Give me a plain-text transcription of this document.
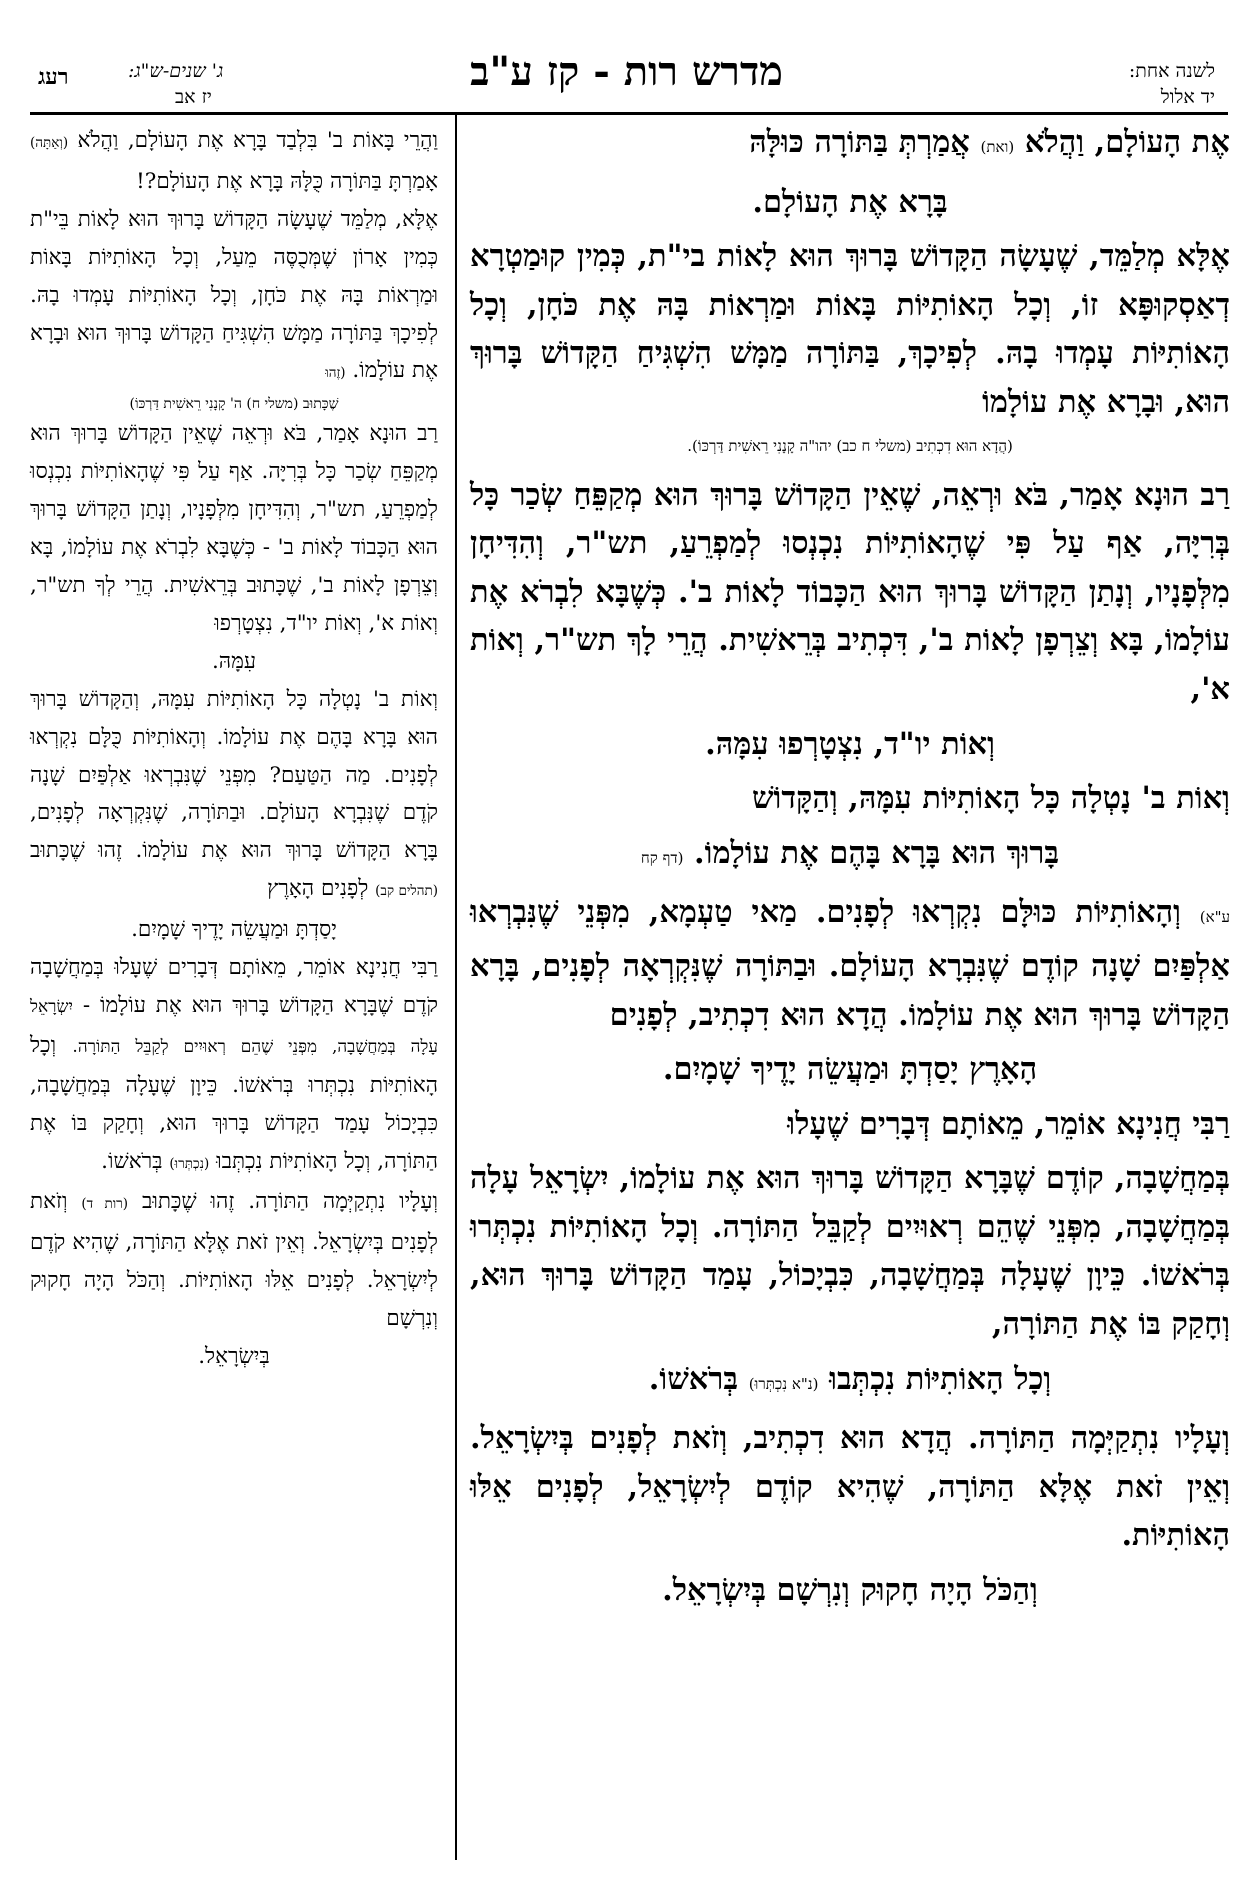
לשנה אחת:
יד אלול
מדרש רות - קז ע"ב
ג' שנים-ש"ג:
יז אב
רעג

אֶת הָעוֹלָם, וַהֲלֹא (ואת) אֲמַרְתְּ בַּתּוֹרָה כּוּלָּהּ

בָּרָא אֶת הָעוֹלָם.

אֶלָּא מְלַמֵּד, שֶׁעָשָׂה הַקָּדוֹשׁ בָּרוּךְ הוּא לָאוֹת בי"ת, כְּמִין קוּמַטְרָא דְאַסְקוּפָּא זוֹ, וְכָל הָאוֹתִיּוֹת בָּאוֹת וּמַרְאוֹת בָּהּ אֶת כֹּחָן, וְכָל הָאוֹתִיּוֹת עָמְדוּ בָהּ. לְפִיכָךְ, בַּתּוֹרָה מַמָּשׁ הִשְׁגִּיחַ הַקָּדוֹשׁ בָּרוּךְ הוּא, וּבָרָא אֶת עוֹלָמוֹ

(הֲדָא הוּא דִכְתִיב (משלי ח כב) יהו"ה קָנָנִי רֵאשִׁית דַּרְכּוֹ).

רַב הוּנָא אָמַר, בֹּא וּרְאֵה, שֶׁאֵין הַקָּדוֹשׁ בָּרוּךְ הוּא מְקַפֵּחַ שְׂכַר כָּל בְּרִיָּה, אַף עַל פִּי שֶׁהָאוֹתִיּוֹת נִכְנְסוּ לְמַפְרֵעַ, תש"ר, וְהִדִּיחָן מִלְּפָנָיו, וְנָתַן הַקָּדוֹשׁ בָּרוּךְ הוּא הַכָּבוֹד לָאוֹת ב'. כְּשֶׁבָּא לִבְרֹא אֶת עוֹלָמוֹ, בָּא וְצֵרְפָן לָאוֹת ב', דִּכְתִיב בְּרֵאשִׁית. הֲרֵי לָךְ תש"ר, וְאוֹת א',

וְאוֹת יו"ד, נִצְטָרְפוּ עִמָּהּ.

וְאוֹת ב' נָטְלָה כָּל הָאוֹתִיּוֹת עִמָּהּ, וְהַקָּדוֹשׁ

בָּרוּךְ הוּא בָּרָא בָּהֶם אֶת עוֹלָמוֹ. (דף קח

ע"א) וְהָאוֹתִיּוֹת כּוּלָּם נִקְרְאוּ לְפָנִים. מַאי טַעְמָא, מִפְּנֵי שֶׁנִּבְרְאוּ אַלְפַּיִם שָׁנָה קוֹדֶם שֶׁנִּבְרָא הָעוֹלָם. וּבַתּוֹרָה שֶׁנִּקְרְאָה לְפָנִים, בָּרָא הַקָּדוֹשׁ בָּרוּךְ הוּא אֶת עוֹלָמוֹ. הֲדָא הוּא דִכְתִיב, לְפָנִים

הָאָרֶץ יָסַדְתָּ וּמַעֲשֵׂה יָדֶיךָ שָׁמָיִם.

רַבִּי חֲנִינָא אוֹמֵר, מֵאוֹתָם דְּבָרִים שֶׁעָלוּ

בְּמַחֲשָׁבָה, קוֹדֶם שֶׁבָּרָא הַקָּדוֹשׁ בָּרוּךְ הוּא אֶת עוֹלָמוֹ, יִשְׂרָאֵל עָלָה בְּמַחֲשָׁבָה, מִפְּנֵי שֶׁהֵם רְאוּיִים לְקַבֵּל הַתּוֹרָה. וְכָל הָאוֹתִיּוֹת נִכְתְּרוּ בְּרֹאשׁוֹ. כֵּיוָן שֶׁעָלָה בְּמַחֲשָׁבָה, כִּבְיָכוֹל, עָמַד הַקָּדוֹשׁ בָּרוּךְ הוּא, וְחָקַק בּוֹ אֶת הַתּוֹרָה,

וְכָל הָאוֹתִיּוֹת נִכְתְּבוּ (נ"א נִכְתְּרוּ) בְּרֹאשׁוֹ.

וְעָלָיו נִתְקַיְּמָה הַתּוֹרָה. הֲדָא הוּא דִכְתִיב, וְזֹאת לְפָנִים בְּיִשְׂרָאֵל. וְאֵין זֹאת אֶלָּא הַתּוֹרָה, שֶׁהִיא קוֹדֶם לְיִשְׂרָאֵל, לְפָנִים אֵלּוּ הָאוֹתִיּוֹת.

וְהַכֹּל הָיָה חָקוּק וְנִרְשָׁם בְּיִשְׂרָאֵל.

וַהֲרֵי בָּאוֹת ב' בִּלְבַד בָּרָא אֶת הָעוֹלָם, וַהֲלֹא (וְאַתָּה) אָמַרְתָּ בַּתּוֹרָה כֻּלָּהּ בָּרָא אֶת הָעוֹלָם?!

אֶלָּא, מְלַמֵּד שֶׁעָשָׂה הַקָּדוֹשׁ בָּרוּךְ הוּא לָאוֹת בֵּי"ת כְּמִין אָרוֹן שֶׁמְּכֻסֶּה מֵעַל, וְכָל הָאוֹתִיּוֹת בָּאוֹת וּמַרְאוֹת בָּהּ אֶת כֹּחָן, וְכָל הָאוֹתִיּוֹת עָמְדוּ בָהּ. לְפִיכָךְ בַּתּוֹרָה מַמָּשׁ הִשְׁגִּיחַ הַקָּדוֹשׁ בָּרוּךְ הוּא וּבָרָא אֶת עוֹלָמוֹ. (זֶהוּ

שֶׁכָּתוּב (משלי ח) ה' קָנָנִי רֵאשִׁית דַּרְכּוֹ)

רַב הוּנָא אָמַר, בֹּא וּרְאֵה שֶׁאֵין הַקָּדוֹשׁ בָּרוּךְ הוּא מְקַפֵּחַ שְׂכַר כָּל בְּרִיָּה. אַף עַל פִּי שֶׁהָאוֹתִיּוֹת נִכְנְסוּ לְמַפְרֵעַ, תש"ר, וְהִדִּיחָן מִלְּפָנָיו, וְנָתַן הַקָּדוֹשׁ בָּרוּךְ הוּא הַכָּבוֹד לָאוֹת ב' - כְּשֶׁבָּא לִבְרֹא אֶת עוֹלָמוֹ, בָּא וְצֵרְפָן לָאוֹת ב', שֶׁכָּתוּב בְּרֵאשִׁית. הֲרֵי לְךָ תש"ר, וְאוֹת א', וְאוֹת יו"ד, נִצְטָרְפוּ

עִמָּהּ.

וְאוֹת ב' נָטְלָה כָּל הָאוֹתִיּוֹת עִמָּהּ, וְהַקָּדוֹשׁ בָּרוּךְ הוּא בָּרָא בָּהֶם אֶת עוֹלָמוֹ. וְהָאוֹתִיּוֹת כֻּלָּם נִקְרְאוּ לְפָנִים. מַה הַטַּעַם? מִפְּנֵי שֶׁנִּבְרְאוּ אַלְפַּיִם שָׁנָה קֹדֶם שֶׁנִּבְרָא הָעוֹלָם. וּבַתּוֹרָה, שֶׁנִּקְרְאָה לְפָנִים, בָּרָא הַקָּדוֹשׁ בָּרוּךְ הוּא אֶת עוֹלָמוֹ. זֶהוּ שֶׁכָּתוּב (תהלים קב) לְפָנִים הָאָרֶץ

יָסַדְתָּ וּמַעֲשֵׂה יָדֶיךָ שָׁמָיִם.

רַבִּי חֲנִינָא אוֹמֵר, מֵאוֹתָם דְּבָרִים שֶׁעָלוּ בְּמַחֲשָׁבָה קֹדֶם שֶׁבָּרָא הַקָּדוֹשׁ בָּרוּךְ הוּא אֶת עוֹלָמוֹ - יִשְׂרָאֵל עָלָה בְּמַחֲשָׁבָה, מִפְּנֵי שֶׁהֵם רְאוּיִים לְקַבֵּל הַתּוֹרָה. וְכָל הָאוֹתִיּוֹת נִכְתְּרוּ בְּרֹאשׁוֹ. כֵּיוָן שֶׁעָלָה בְּמַחֲשָׁבָה, כִּבְיָכוֹל עָמַד הַקָּדוֹשׁ בָּרוּךְ הוּא, וְחָקַק בּוֹ אֶת הַתּוֹרָה, וְכָל הָאוֹתִיּוֹת נִכְתְּבוּ (נִכְתְּרוּ) בְּרֹאשׁוֹ.

וְעָלָיו נִתְקַיְּמָה הַתּוֹרָה. זֶהוּ שֶׁכָּתוּב (רות ד) וְזֹאת לְפָנִים בְּיִשְׂרָאֵל. וְאֵין זֹאת אֶלָּא הַתּוֹרָה, שֶׁהִיא קֹדֶם לְיִשְׂרָאֵל. לְפָנִים אֵלּוּ הָאוֹתִיּוֹת. וְהַכֹּל הָיָה חָקוּק וְנִרְשָׁם

בְּיִשְׂרָאֵל.
